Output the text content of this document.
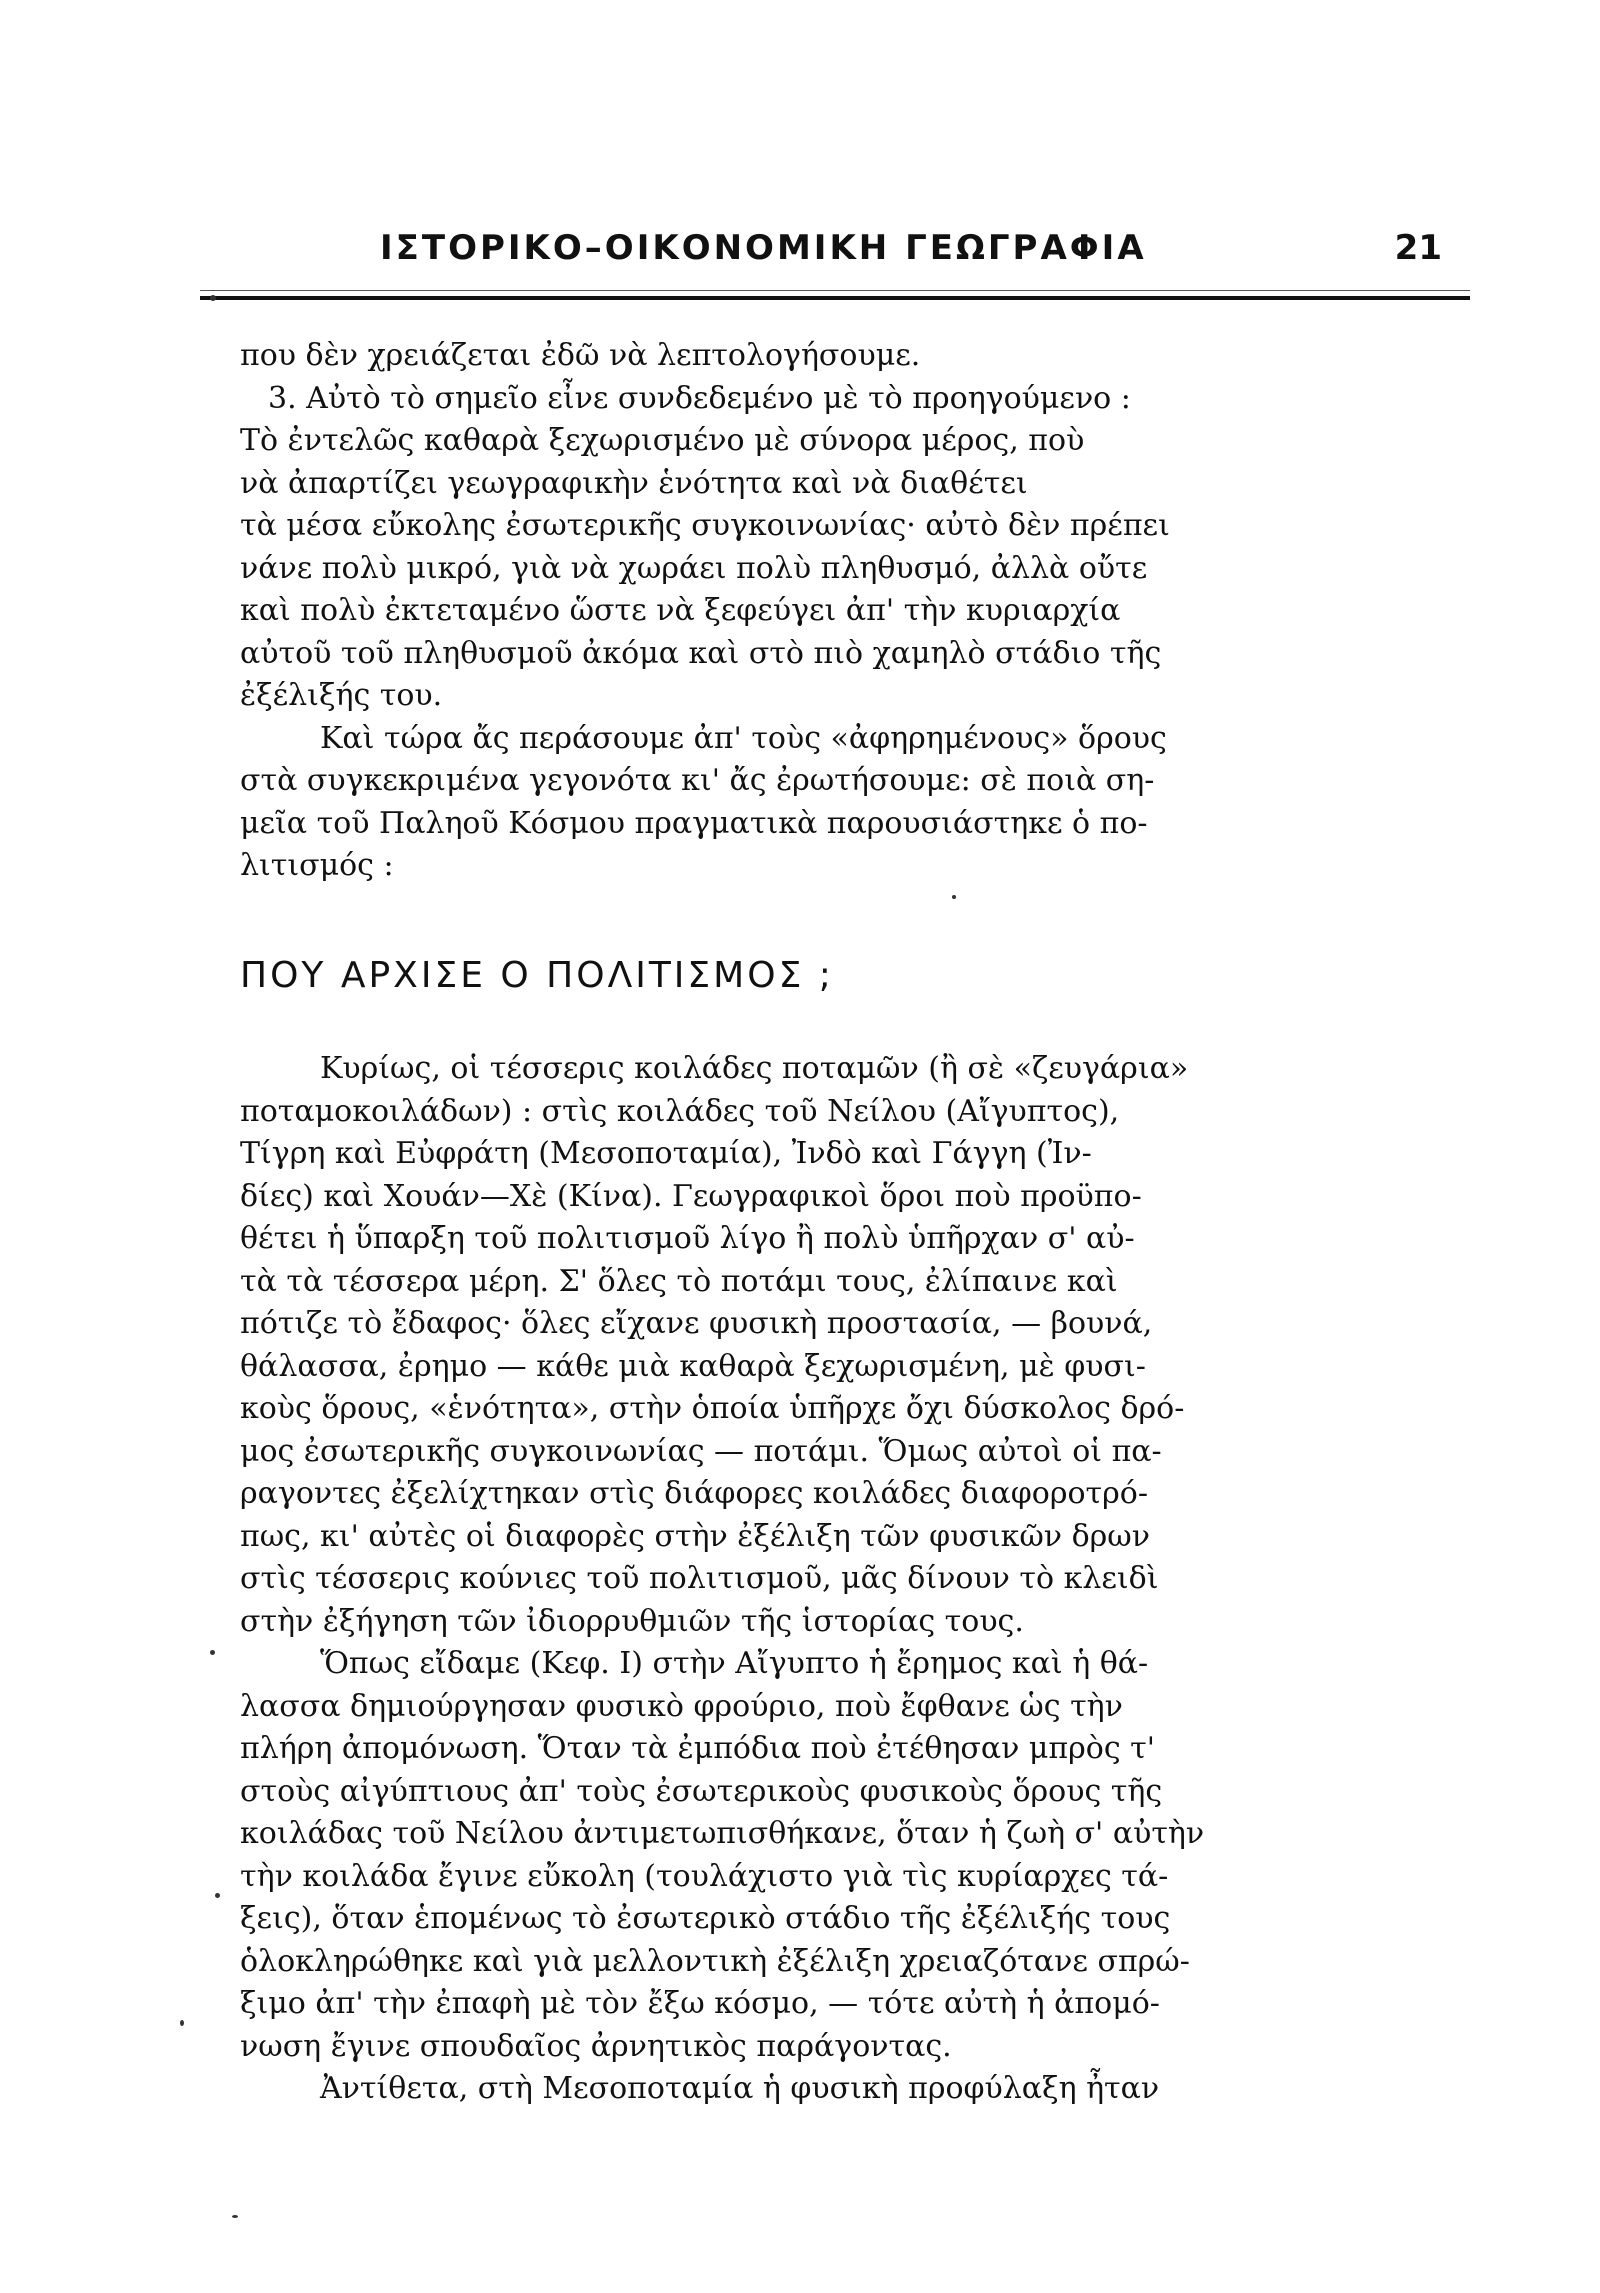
ΙΣΤΟΡΙΚΟ–ΟΙΚΟΝΟΜΙΚΗ ΓΕΩΓΡΑΦΙΑ	21
που δὲν χρειάζεται ἐδῶ νὰ λεπτολογήσουμε.
3. Αὐτὸ τὸ σημεῖο εἶνε συνδεδεμένο μὲ τὸ προηγούμενο :
Τὸ ἐντελῶς καθαρὰ ξεχωρισμένο μὲ σύνορα μέρος, ποὺ
νὰ ἀπαρτίζει γεωγραφικὴν ἑνότητα καὶ νὰ διαθέτει
τὰ μέσα εὔκολης ἐσωτερικῆς συγκοινωνίας· αὐτὸ δὲν πρέπει
νάνε πολὺ μικρό, γιὰ νὰ χωράει πολὺ πληθυσμό, ἀλλὰ οὔτε
καὶ πολὺ ἐκτεταμένο ὥστε νὰ ξεφεύγει ἀπ' τὴν κυριαρχία
αὐτοῦ τοῦ πληθυσμοῦ ἀκόμα καὶ στὸ πιὸ χαμηλὸ στάδιο τῆς
ἐξέλιξής του.
Καὶ τώρα ἄς περάσουμε ἀπ' τοὺς «ἀφηρημένους» ὅρους
στὰ συγκεκριμένα γεγονότα κι' ἄς ἐρωτήσουμε: σὲ ποιὰ ση-
μεῖα τοῦ Παληοῦ Κόσμου πραγματικὰ παρουσιάστηκε ὁ πο-
λιτισμός :
ΠΟΥ ΑΡΧΙΣΕ Ο ΠΟΛΙΤΙΣΜΟΣ ;
Κυρίως, οἱ τέσσερις κοιλάδες ποταμῶν (ἢ σὲ «ζευγάρια»
ποταμοκοιλάδων) : στὶς κοιλάδες τοῦ Νείλου (Αἴγυπτος),
Τίγρη καὶ Εὐφράτη (Μεσοποταμία), Ἰνδὸ καὶ Γάγγη (Ἰν-
δίες) καὶ Χουάν—Χὲ (Κίνα). Γεωγραφικοὶ ὅροι ποὺ προϋπο-
θέτει ἡ ὕπαρξη τοῦ πολιτισμοῦ λίγο ἢ πολὺ ὑπῆρχαν σ' αὐ-
τὰ τὰ τέσσερα μέρη. Σ' ὅλες τὸ ποτάμι τους, ἐλίπαινε καὶ
πότιζε τὸ ἔδαφος· ὅλες εἴχανε φυσικὴ προστασία, — βουνά,
θάλασσα, ἐρημο — κάθε μιὰ καθαρὰ ξεχωρισμένη, μὲ φυσι-
κοὺς ὅρους, «ἑνότητα», στὴν ὁποία ὑπῆρχε ὄχι δύσκολος δρό-
μος ἐσωτερικῆς συγκοινωνίας — ποτάμι. Ὅμως αὐτοὶ οἱ πα-
ραγοντες ἐξελίχτηκαν στὶς διάφορες κοιλάδες διαφοροτρό-
πως, κι' αὐτὲς οἱ διαφορὲς στὴν ἐξέλιξη τῶν φυσικῶν δρων
στὶς τέσσερις κούνιες τοῦ πολιτισμοῦ, μᾶς δίνουν τὸ κλειδὶ
στὴν ἐξήγηση τῶν ἰδιορρυθμιῶν τῆς ἱστορίας τους.
Ὅπως εἴδαμε (Κεφ. I) στὴν Αἴγυπτο ἡ ἔρημος καὶ ἡ θά-
λασσα δημιούργησαν φυσικὸ φρούριο, ποὺ ἔφθανε ὡς τὴν
πλήρη ἀπομόνωση. Ὅταν τὰ ἐμπόδια ποὺ ἐτέθησαν μπρὸς τ'
στοὺς αἰγύπτιους ἀπ' τοὺς ἐσωτερικοὺς φυσικοὺς ὅρους τῆς
κοιλάδας τοῦ Νείλου ἀντιμετωπισθήκανε, ὅταν ἡ ζωὴ σ' αὐτὴν
τὴν κοιλάδα ἔγινε εὔκολη (τουλάχιστο γιὰ τὶς κυρίαρχες τά-
ξεις), ὅταν ἑπομένως τὸ ἐσωτερικὸ στάδιο τῆς ἐξέλιξής τους
ὁλοκληρώθηκε καὶ γιὰ μελλοντικὴ ἐξέλιξη χρειαζότανε σπρώ-
ξιμο ἀπ' τὴν ἐπαφὴ μὲ τὸν ἔξω κόσμο, — τότε αὐτὴ ἡ ἀπομό-
νωση ἔγινε σπουδαῖος ἀρνητικὸς παράγοντας.
Ἀντίθετα, στὴ Μεσοποταμία ἡ φυσικὴ προφύλαξη ἦταν
